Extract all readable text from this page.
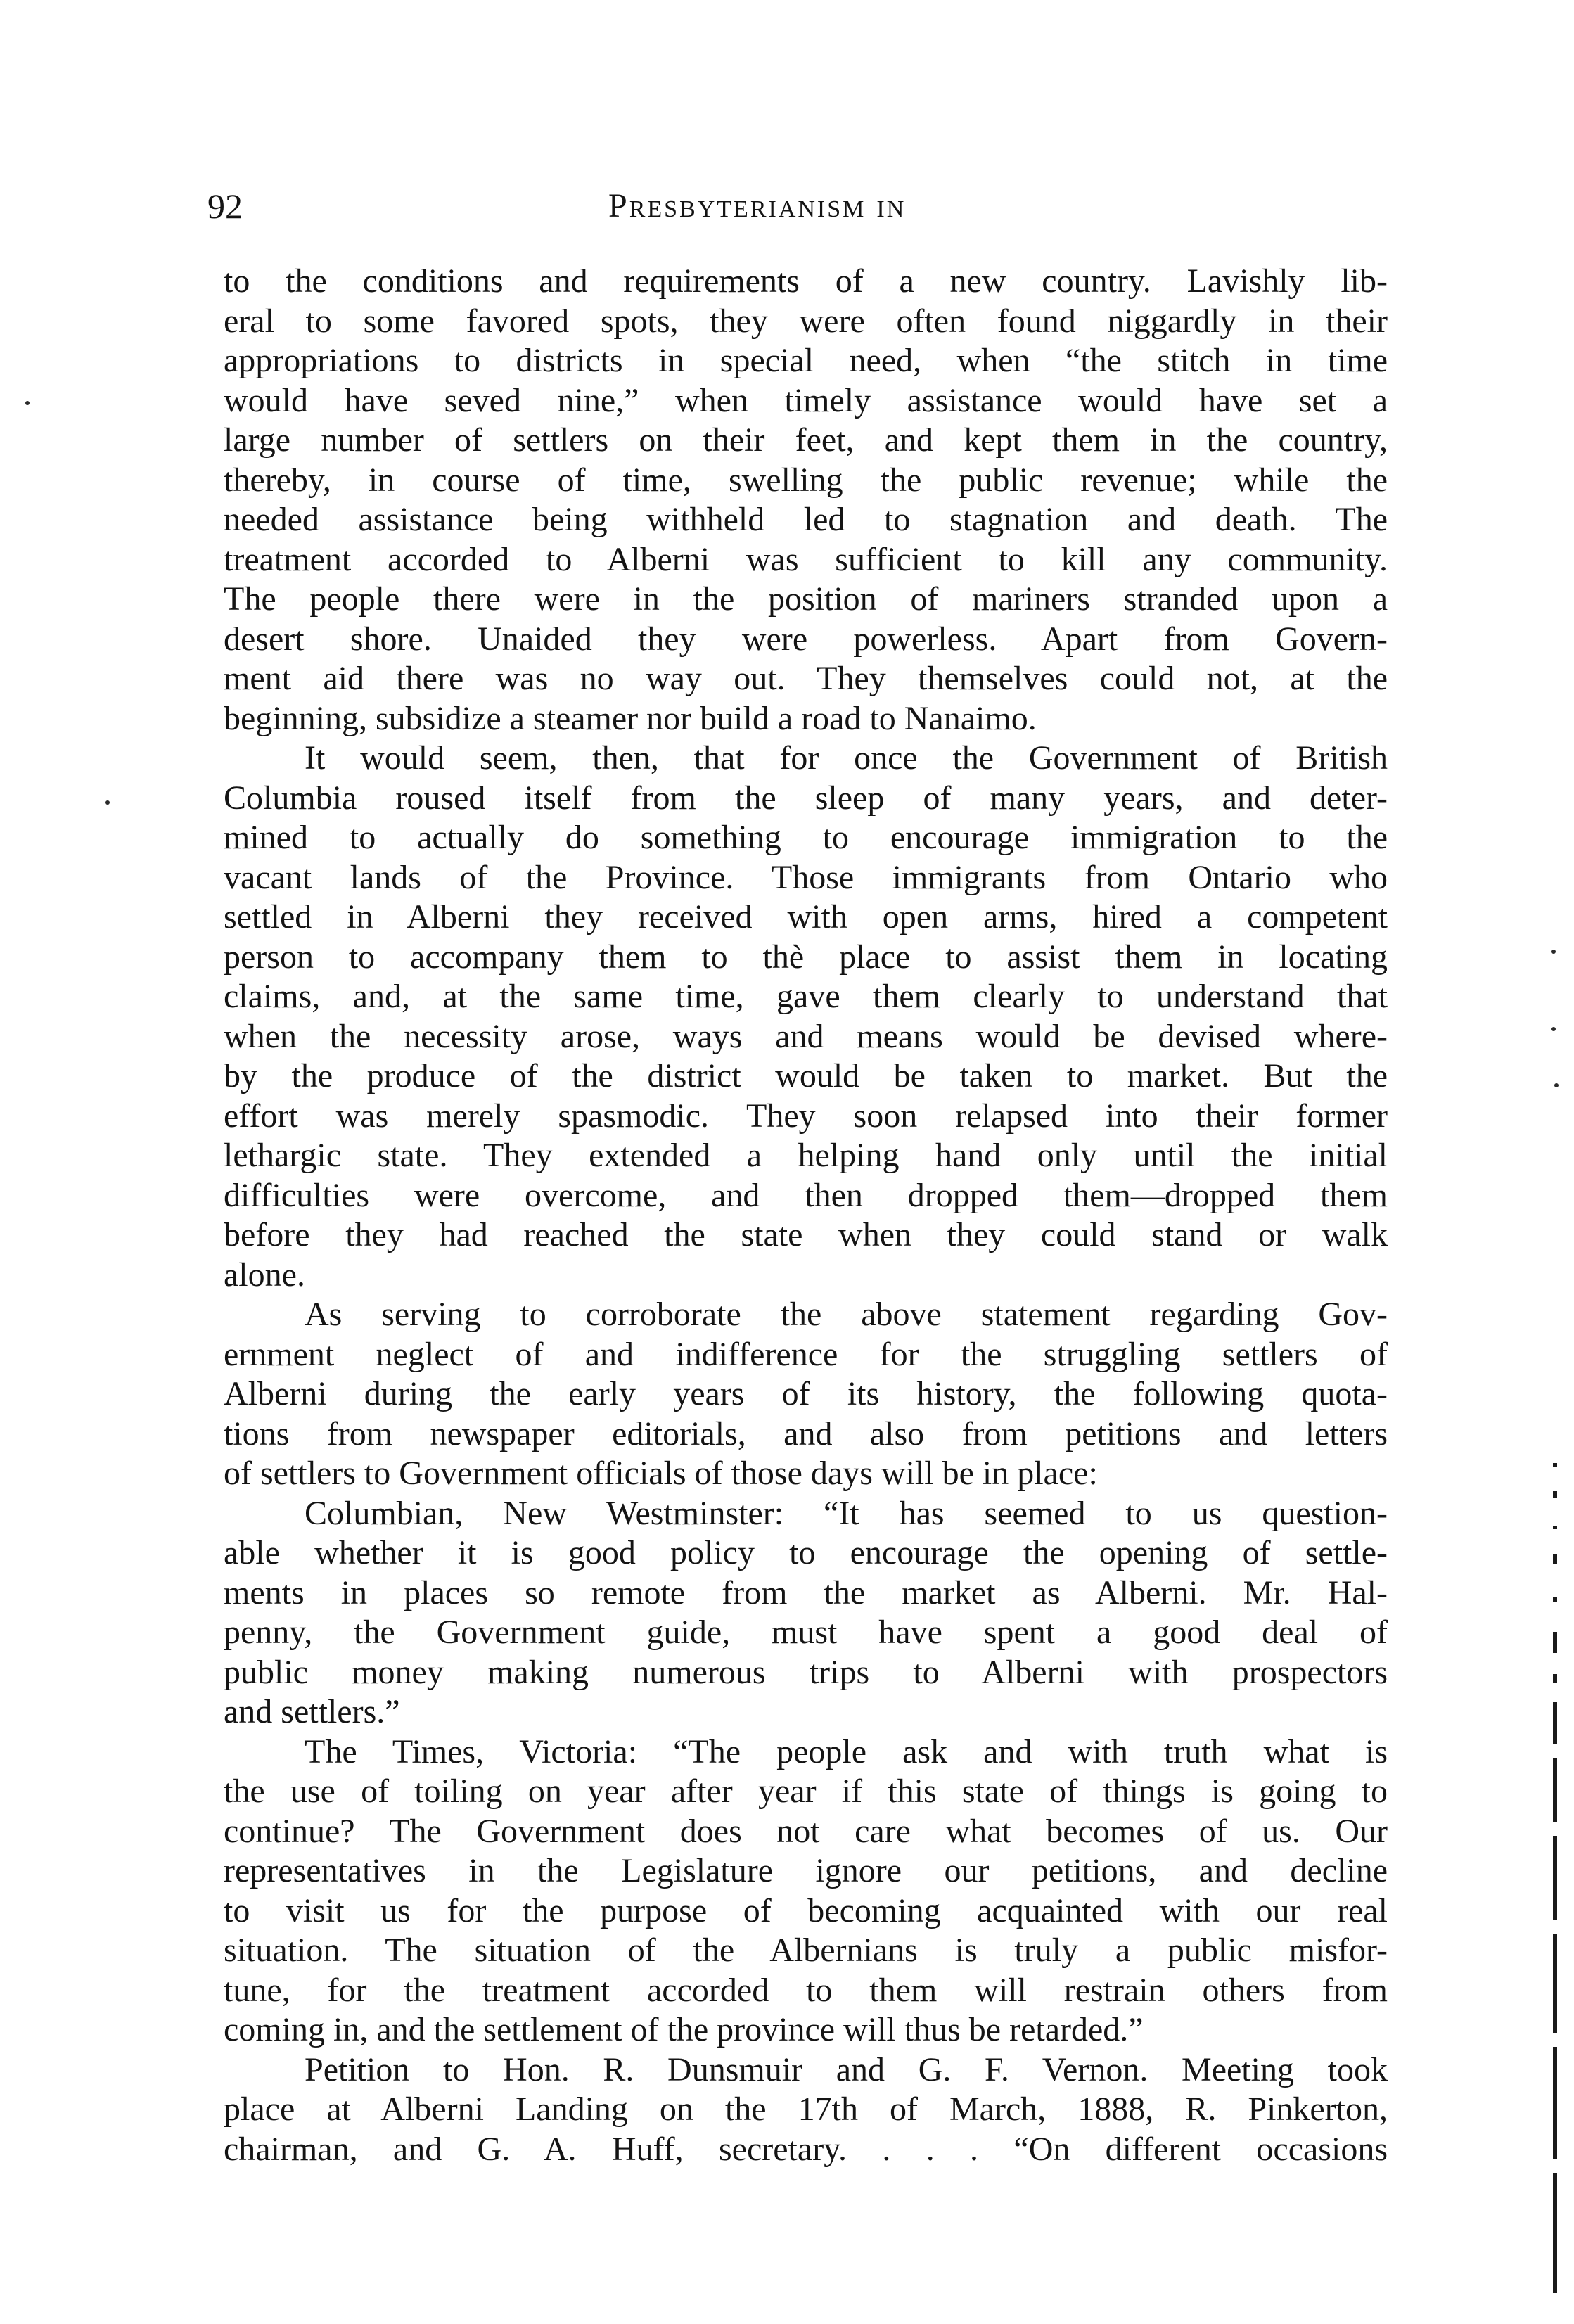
92	Presbyterianism in
to the conditions and requirements of a new country. Lavishly lib-
eral to some favored spots, they were often found niggardly in their
appropriations to districts in special need, when “the stitch in time
would have seved nine,” when timely assistance would have set a
large number of settlers on their feet, and kept them in the country,
thereby, in course of time, swelling the public revenue; while the
needed assistance being withheld led to stagnation and death. The
treatment accorded to Alberni was sufficient to kill any community.
The people there were in the position of mariners stranded upon a
desert shore. Unaided they were powerless. Apart from Govern-
ment aid there was no way out. They themselves could not, at the
beginning, subsidize a steamer nor build a road to Nanaimo.
It would seem, then, that for once the Government of British
Columbia roused itself from the sleep of many years, and deter-
mined to actually do something to encourage immigration to the
vacant lands of the Province. Those immigrants from Ontario who
settled in Alberni they received with open arms, hired a competent
person to accompany them to thè place to assist them in locating
claims, and, at the same time, gave them clearly to understand that
when the necessity arose, ways and means would be devised where-
by the produce of the district would be taken to market. But the
effort was merely spasmodic. They soon relapsed into their former
lethargic state. They extended a helping hand only until the initial
difficulties were overcome, and then dropped them—dropped them
before they had reached the state when they could stand or walk
alone.
As serving to corroborate the above statement regarding Gov-
ernment neglect of and indifference for the struggling settlers of
Alberni during the early years of its history, the following quota-
tions from newspaper editorials, and also from petitions and letters
of settlers to Government officials of those days will be in place:
Columbian, New Westminster: “It has seemed to us question-
able whether it is good policy to encourage the opening of settle-
ments in places so remote from the market as Alberni. Mr. Hal-
penny, the Government guide, must have spent a good deal of
public money making numerous trips to Alberni with prospectors
and settlers.”
The Times, Victoria: “The people ask and with truth what is
the use of toiling on year after year if this state of things is going to
continue? The Government does not care what becomes of us. Our
representatives in the Legislature ignore our petitions, and decline
to visit us for the purpose of becoming acquainted with our real
situation. The situation of the Albernians is truly a public misfor-
tune, for the treatment accorded to them will restrain others from
coming in, and the settlement of the province will thus be retarded.”
Petition to Hon. R. Dunsmuir and G. F. Vernon. Meeting took
place at Alberni Landing on the 17th of March, 1888, R. Pinkerton,
chairman, and G. A. Huff, secretary. . . . “On different occasions
